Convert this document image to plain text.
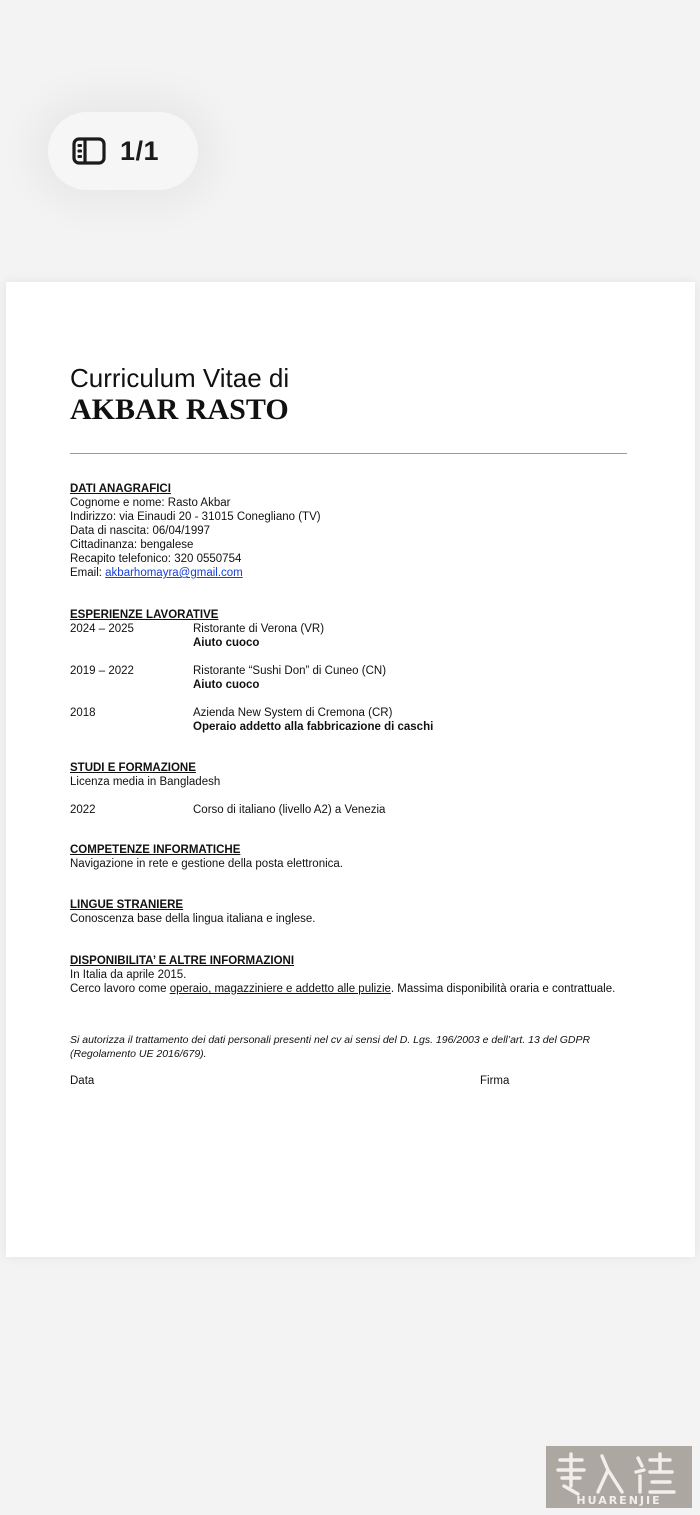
1/1
Curriculum Vitae di
AKBAR RASTO
DATI ANAGRAFICI
Cognome e nome: Rasto Akbar
Indirizzo: via Einaudi 20 - 31015 Conegliano (TV)
Data di nascita: 06/04/1997
Cittadinanza: bengalese
Recapito telefonico: 320 0550754
Email: akbarhomayra@gmail.com
ESPERIENZE LAVORATIVE
2024 – 2025	Ristorante di Verona (VR)
Aiuto cuoco
2019 – 2022	Ristorante “Sushi Don” di Cuneo (CN)
Aiuto cuoco
2018	Azienda New System di Cremona (CR)
Operaio addetto alla fabbricazione di caschi
STUDI E FORMAZIONE
Licenza media in Bangladesh
2022	Corso di italiano (livello A2) a Venezia
COMPETENZE INFORMATICHE
Navigazione in rete e gestione della posta elettronica.
LINGUE STRANIERE
Conoscenza base della lingua italiana e inglese.
DISPONIBILITA’ E ALTRE INFORMAZIONI
In Italia da aprile 2015.
Cerco lavoro come operaio, magazziniere e addetto alle pulizie. Massima disponibilità oraria e contrattuale.
Si autorizza il trattamento dei dati personali presenti nel cv ai sensi del D. Lgs. 196/2003 e dell’art. 13 del GDPR (Regolamento UE 2016/679).
Data	Firma
HUARENJIE
